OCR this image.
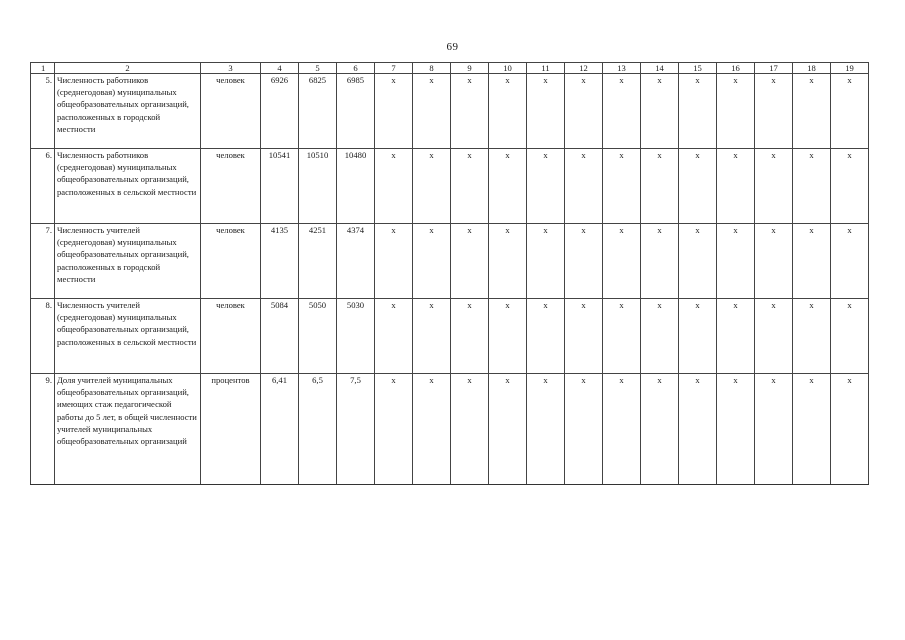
69
1	2	3	4	5	6	7	8	9	10	11	12	13	14	15	16	17	18	19
5.	Численность работников (среднегодовая) муниципальных общеобразовательных организаций, расположенных в городской местности	человек	6926	6825	6985	x	x	x	x	x	x	x	x	x	x	x	x	x
6.	Численность работников (среднегодовая) муниципальных общеобразовательных организаций, расположенных в сельской местности	человек	10541	10510	10480	x	x	x	x	x	x	x	x	x	x	x	x	x
7.	Численность учителей (среднегодовая) муниципальных общеобразовательных организаций, расположенных в городской местности	человек	4135	4251	4374	x	x	x	x	x	x	x	x	x	x	x	x	x
8.	Численность учителей (среднегодовая) муниципальных общеобразовательных организаций, расположенных в сельской местности	человек	5084	5050	5030	x	x	x	x	x	x	x	x	x	x	x	x	x
9.	Доля учителей муниципальных общеобразовательных организаций, имеющих стаж педагогической работы до 5 лет, в общей численности учителей муниципальных общеобразовательных организаций	процентов	6,41	6,5	7,5	x	x	x	x	x	x	x	x	x	x	x	x	x
